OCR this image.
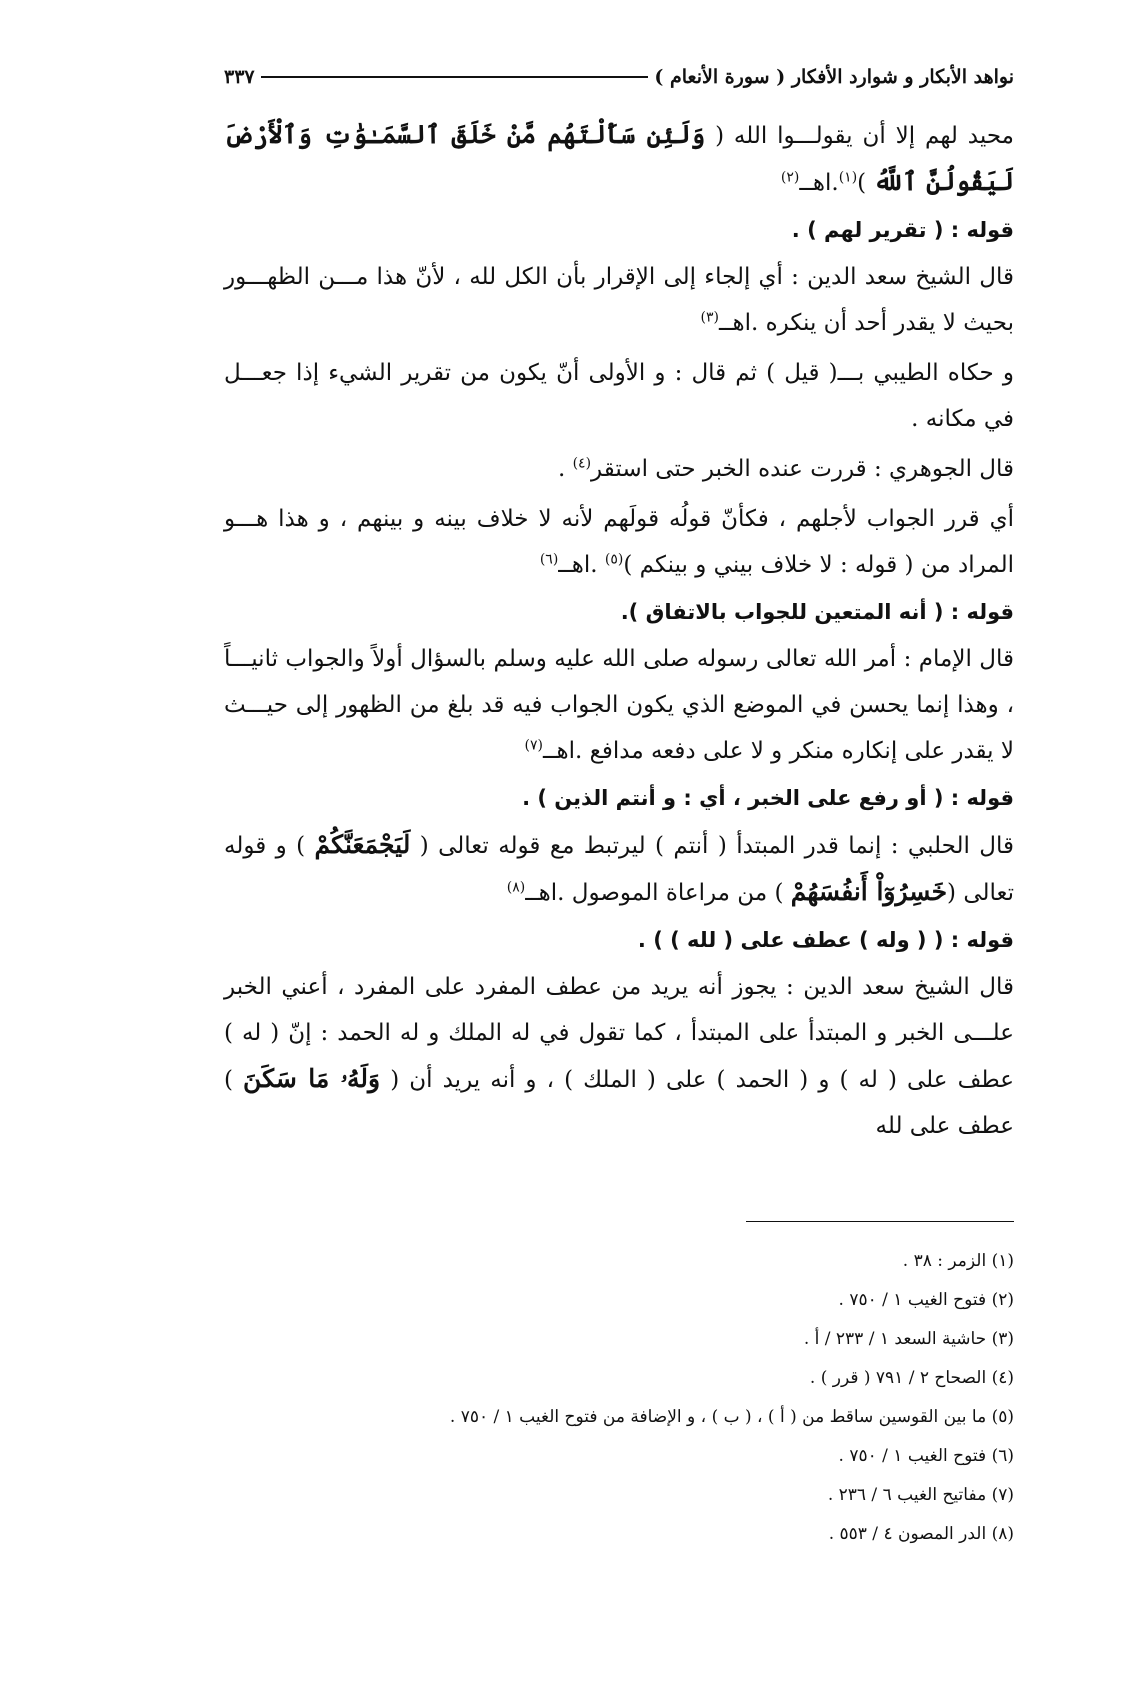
نواهد الأبكار و شوارد الأفكار ( سورة الأنعام )
٣٣٧

محيد لهم إلا أن يقولـــوا الله ( وَلَئِن سَأَلْتَهُم مَّنْ خَلَقَ ٱلسَّمَـٰوَٰتِ وَٱلْأَرْضَ لَيَقُولُنَّ ٱللَّهُ )$^{(١)}$.اهــ$^{(٢)}$

قوله : ( تقرير لهم ) .

قال الشيخ سعد الدين : أي إلجاء إلى الإقرار بأن الكل لله ، لأنّ هذا مـــن الظهـــور بحيث لا يقدر أحد أن ينكره .اهــ$^{(٣)}$

و حكاه الطيبي بـــ( قيل ) ثم قال : و الأولى أنّ يكون من تقرير الشيء إذا جعـــل في مكانه .

قال الجوهري : قررت عنده الخبر حتى استقر$^{(٤)}$ .

أي قرر الجواب لأجلهم ، فكأنّ قولُه قولَهم لأنه لا خلاف بينه و بينهم ، و هذا هـــو المراد من ( قوله : لا خلاف بيني و بينكم )$^{(٥)}$ .اهــ$^{(٦)}$

قوله : ( أنه المتعين للجواب بالاتفاق ).

قال الإمام : أمر الله تعالى رسوله صلى الله عليه وسلم بالسؤال أولاً والجواب ثانيـــاً ، وهذا إنما يحسن في الموضع الذي يكون الجواب فيه قد بلغ من الظهور إلى حيـــث لا يقدر على إنكاره منكر و لا على دفعه مدافع .اهــ$^{(٧)}$

قوله : ( أو رفع على الخبر ، أي : و أنتم الذين ) .

قال الحلبي : إنما قدر المبتدأ ( أنتم ) ليرتبط مع قوله تعالى ( لَيَجْمَعَنَّكُمْ ) و قوله تعالى (خَسِرُوٓاْ أَنفُسَهُمْ ) من مراعاة الموصول .اهــ$^{(٨)}$

قوله : ( ( وله ) عطف على ( لله ) ) .

قال الشيخ سعد الدين : يجوز أنه يريد من عطف المفرد على المفرد ، أعني الخبر علـــى الخبر و المبتدأ على المبتدأ ، كما تقول في له الملك و له الحمد : إنّ ( له ) عطف على ( له ) و ( الحمد ) على ( الملك ) ، و أنه يريد أن ( وَلَهُۥ مَا سَكَنَ ) عطف على لله

(١) الزمر : ٣٨ .
(٢) فتوح الغيب ١ / ٧٥٠ .
(٣) حاشية السعد ١ / ٢٣٣ / أ .
(٤) الصحاح ٢ / ٧٩١ ( قرر ) .
(٥) ما بين القوسين ساقط من ( أ ) ، ( ب ) ، و الإضافة من فتوح الغيب ١ / ٧٥٠ .
(٦) فتوح الغيب ١ / ٧٥٠ .
(٧) مفاتيح الغيب ٦ / ٢٣٦ .
(٨) الدر المصون ٤ / ٥٥٣ .
